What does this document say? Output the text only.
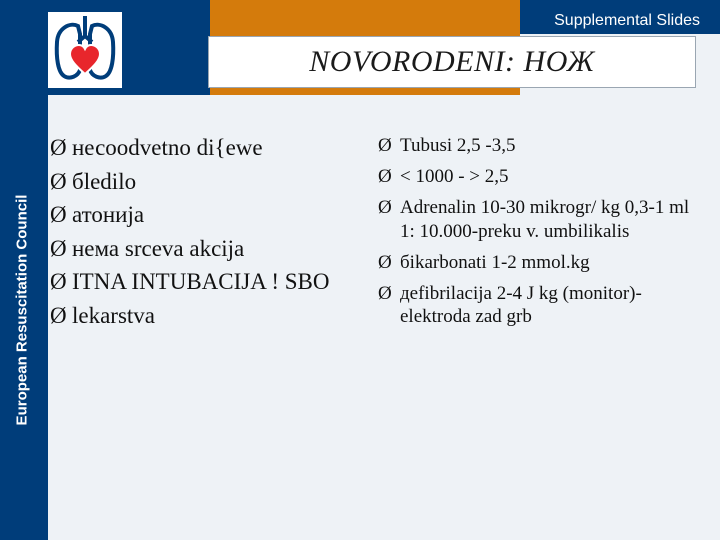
Supplemental Slides
NOVORODENI: НОЖ
European Resuscitation Council
Ø несоodvetno di{ewe
Ø бledilo
Ø атонија
Ø нема srceva akcija
Ø ITNA INTUBACIJA ! SBO
Ø lekarstva
Ø Tubusi 2,5 -3,5
Ø < 1000 - > 2,5
Ø Adrenalin 10-30 mikrogr/ kg 0,3-1 ml 1: 10.000-preku v. umbilikalis
Ø бikarbonati 1-2 mmol.kg
Ø дefibrilacija 2-4 J kg (monitor)-elektroda zad grb
